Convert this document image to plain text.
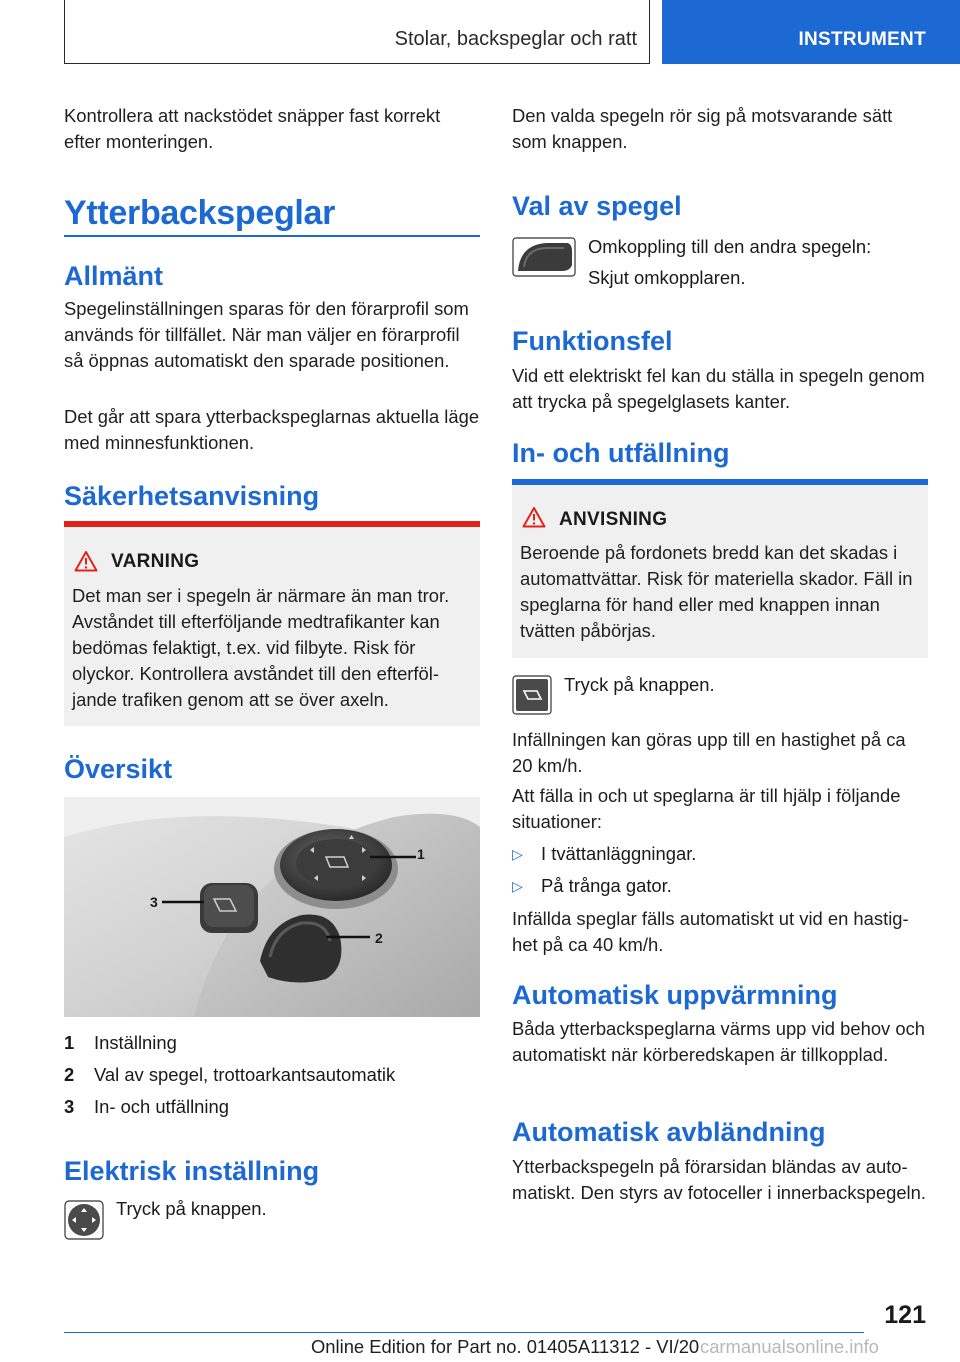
Stolar, backspeglar och ratt	INSTRUMENT
Kontrollera att nackstödet snäpper fast korrekt efter monteringen.
Ytterbackspeglar
Allmänt
Spegelinställningen sparas för den förarprofil som används för tillfället. När man väljer en förarprofil så öppnas automatiskt den sparade positionen.
Det går att spara ytterbackspeglarnas aktuella läge med minnesfunktionen.
Säkerhetsanvisning
VARNING
Det man ser i spegeln är närmare än man tror. Avståndet till efterföljande medtrafikanter kan bedömas felaktigt, t.ex. vid filbyte. Risk för olyckor. Kontrollera avståndet till den efterföljande trafiken genom att se över axeln.
Översikt
1
3
2
1 Inställning
2 Val av spegel, trottoarkantsautomatik
3 In- och utfällning
Elektrisk inställning
Tryck på knappen.
Den valda spegeln rör sig på motsvarande sätt som knappen.
Val av spegel
Omkoppling till den andra spegeln:
Skjut omkopplaren.
Funktionsfel
Vid ett elektriskt fel kan du ställa in spegeln genom att trycka på spegelglasets kanter.
In- och utfällning
ANVISNING
Beroende på fordonets bredd kan det skadas i automattvättar. Risk för materiella skador. Fäll in speglarna för hand eller med knappen innan tvätten påbörjas.
Tryck på knappen.
Infällningen kan göras upp till en hastighet på ca 20 km/h.
Att fälla in och ut speglarna är till hjälp i följande situationer:
▷ I tvättanläggningar.
▷ På trånga gator.
Infällda speglar fälls automatiskt ut vid en hastighet på ca 40 km/h.
Automatisk uppvärmning
Båda ytterbackspeglarna värms upp vid behov och automatiskt när körberedskapen är tillkopplad.
Automatisk avbländning
Ytterbackspegeln på förarsidan bländas av automatiskt. Den styrs av fotoceller i innerbackspegeln.
121
Online Edition for Part no. 01405A11312 - VI/20 carmanualsonline.info
